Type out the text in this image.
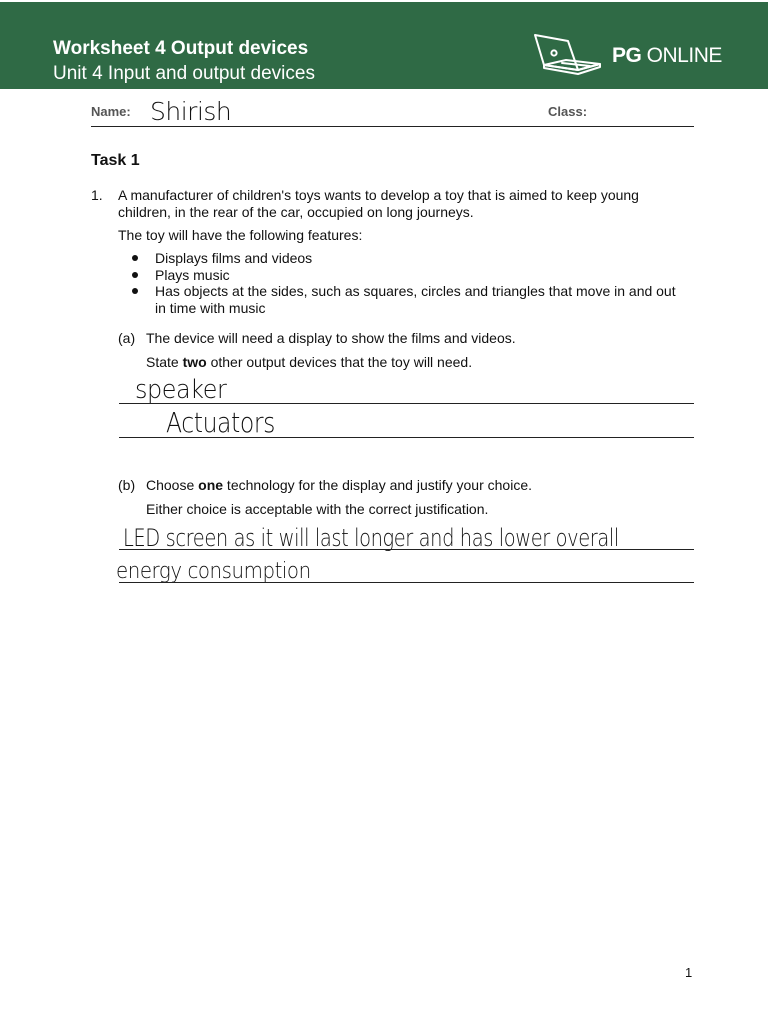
Worksheet 4 Output devices
Unit 4 Input and output devices
PG ONLINE
Name: Shirish	Class:
Task 1
1. A manufacturer of children's toys wants to develop a toy that is aimed to keep young children, in the rear of the car, occupied on long journeys.
The toy will have the following features:
Displays films and videos
Plays music
Has objects at the sides, such as squares, circles and triangles that move in and out in time with music
(a) The device will need a display to show the films and videos.
State two other output devices that the toy will need.
speaker
Actuators
(b) Choose one technology for the display and justify your choice.
Either choice is acceptable with the correct justification.
LED screen as it will last longer and has lower overall
energy consumption
1
